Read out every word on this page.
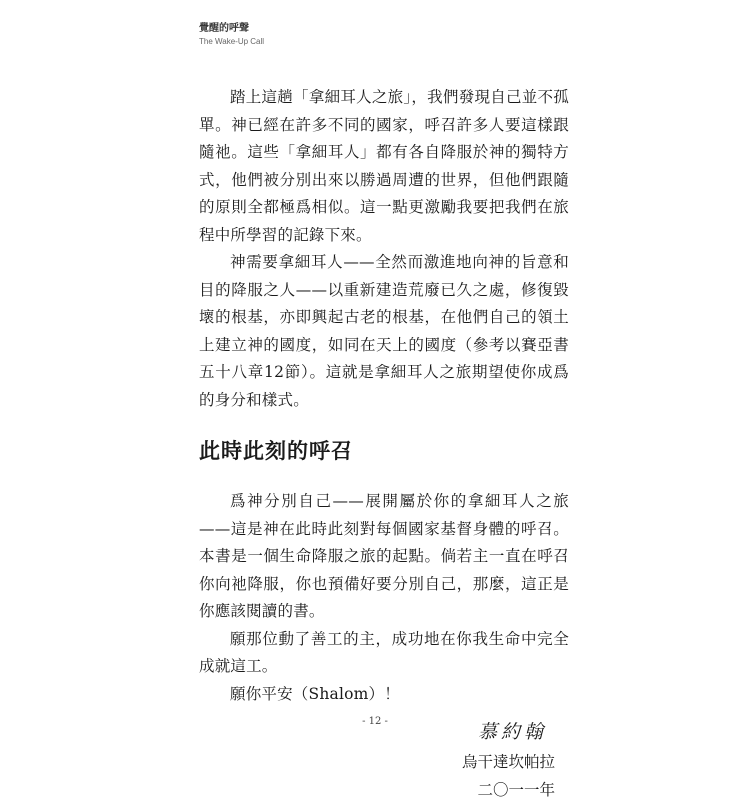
覺醒的呼聲
The Wake-Up Call

踏上這趟「拿細耳人之旅」，我們發現自己並不孤單。神已經在許多不同的國家，呼召許多人要這樣跟隨祂。這些「拿細耳人」都有各自降服於神的獨特方式，他們被分別出來以勝過周遭的世界，但他們跟隨的原則全都極爲相似。這一點更激勵我要把我們在旅程中所學習的記錄下來。

神需要拿細耳人——全然而激進地向神的旨意和目的降服之人——以重新建造荒廢已久之處，修復毀壞的根基，亦即興起古老的根基，在他們自己的領土上建立神的國度，如同在天上的國度（參考以賽亞書五十八章12節）。這就是拿細耳人之旅期望使你成爲的身分和樣式。

此時此刻的呼召

爲神分別自己——展開屬於你的拿細耳人之旅——這是神在此時此刻對每個國家基督身體的呼召。本書是一個生命降服之旅的起點。倘若主一直在呼召你向祂降服，你也預備好要分別自己，那麼，這正是你應該閱讀的書。

願那位動了善工的主，成功地在你我生命中完全成就這工。

願你平安（Shalom）！

慕約翰
烏干達坎帕拉
二〇一一年
- 12 -
